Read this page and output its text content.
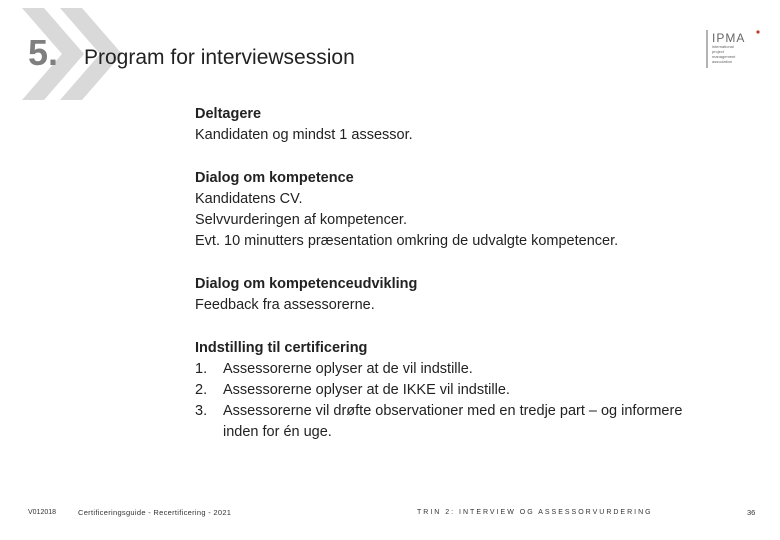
5. Program for interviewsession
IPMA
international
project
management
association
Deltagere
Kandidaten og mindst 1 assessor.
Dialog om kompetence
Kandidatens CV.
Selvvurderingen af kompetencer.
Evt. 10 minutters præsentation omkring de udvalgte kompetencer.
Dialog om kompetenceudvikling
Feedback fra assessorerne.
Indstilling til certificering
1.	Assessorerne oplyser at de vil indstille.
2.	Assessorerne oplyser at de IKKE vil indstille.
3.	Assessorerne vil drøfte observationer med en tredje part – og informere inden for én uge.
V012018	Certificeringsguide - Recertificering - 2021	TRIN 2: INTERVIEW OG ASSESSORVURDERING	36
